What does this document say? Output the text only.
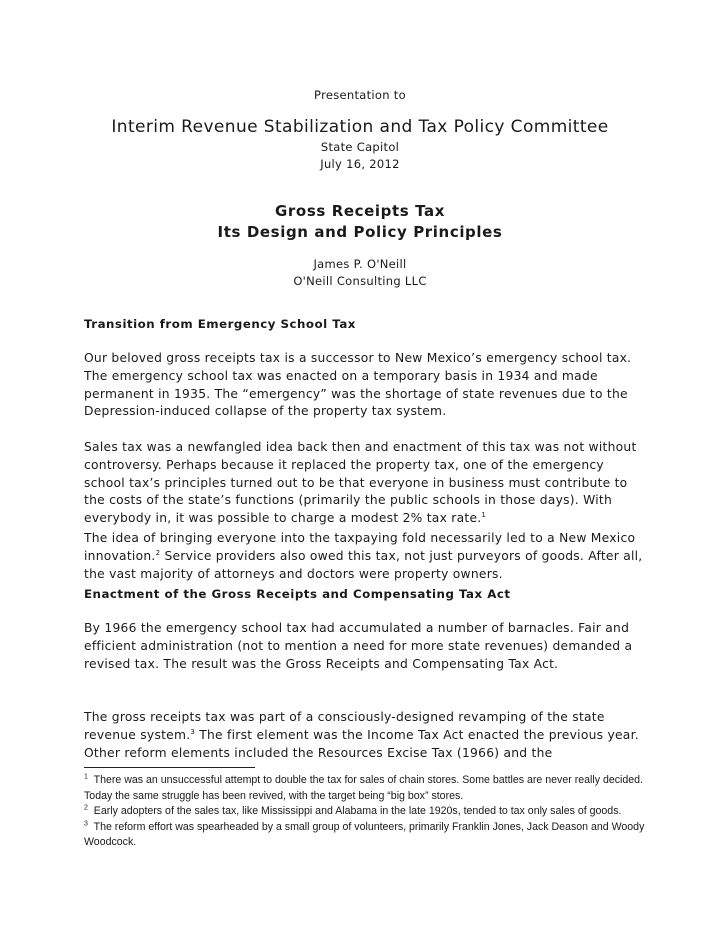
Presentation to
Interim Revenue Stabilization and Tax Policy Committee
State Capitol
July 16, 2012
Gross Receipts Tax
Its Design and Policy Principles
James P. O'Neill
O'Neill Consulting LLC

Transition from Emergency School Tax

Our beloved gross receipts tax is a successor to New Mexico’s emergency school tax. The emergency school tax was enacted on a temporary basis in 1934 and made permanent in 1935. The “emergency” was the shortage of state revenues due to the Depression-induced collapse of the property tax system.

Sales tax was a newfangled idea back then and enactment of this tax was not without controversy. Perhaps because it replaced the property tax, one of the emergency school tax’s principles turned out to be that everyone in business must contribute to the costs of the state’s functions (primarily the public schools in those days). With everybody in, it was possible to charge a modest 2% tax rate.$^1$

The idea of bringing everyone into the taxpaying fold necessarily led to a New Mexico innovation.$^2$ Service providers also owed this tax, not just purveyors of goods. After all, the vast majority of attorneys and doctors were property owners.

Enactment of the Gross Receipts and Compensating Tax Act

By 1966 the emergency school tax had accumulated a number of barnacles. Fair and efficient administration (not to mention a need for more state revenues) demanded a revised tax. The result was the Gross Receipts and Compensating Tax Act.

The gross receipts tax was part of a consciously-designed revamping of the state revenue system.$^3$ The first element was the Income Tax Act enacted the previous year. Other reform elements included the Resources Excise Tax (1966) and the

$^1$ There was an unsuccessful attempt to double the tax for sales of chain stores. Some battles are never really decided. Today the same struggle has been revived, with the target being “big box” stores.

$^2$ Early adopters of the sales tax, like Mississippi and Alabama in the late 1920s, tended to tax only sales of goods.

$^3$ The reform effort was spearheaded by a small group of volunteers, primarily Franklin Jones, Jack Deason and Woody Woodcock.
